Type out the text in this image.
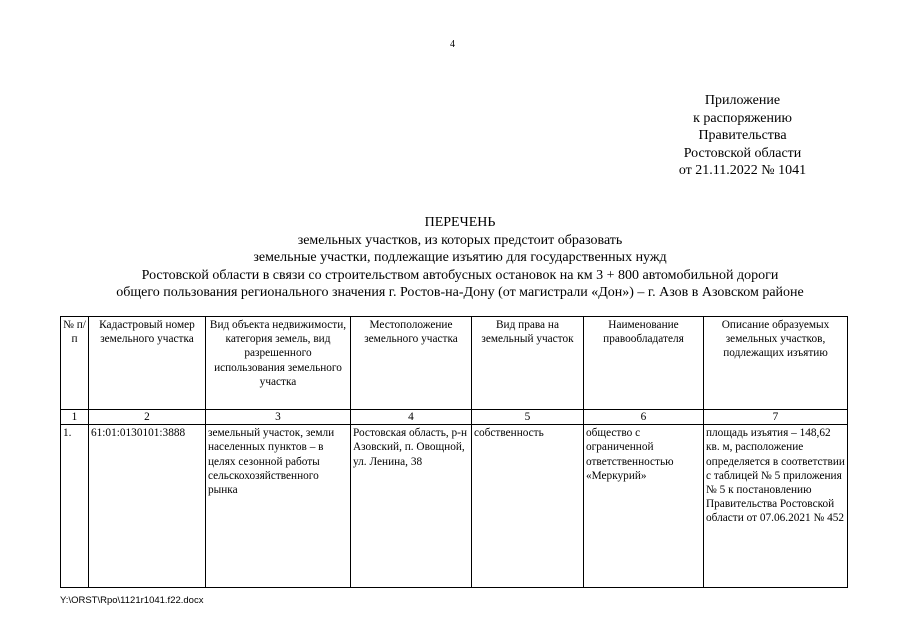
4
Приложение
к распоряжению
Правительства
Ростовской области
от 21.11.2022 № 1041
ПЕРЕЧЕНЬ
земельных участков, из которых предстоит образовать
земельные участки, подлежащие изъятию для государственных нужд
Ростовской области в связи со строительством автобусных остановок на км 3 + 800 автомобильной дороги
общего пользования регионального значения г. Ростов-на-Дону (от магистрали «Дон») – г. Азов в Азовском районе
№ п/п	Кадастровый номер земельного участка	Вид объекта недвижимости, категория земель, вид разрешенного использования земельного участка	Местоположение земельного участка	Вид права на земельный участок	Наименование правообладателя	Описание образуемых земельных участков, подлежащих изъятию
1	2	3	4	5	6	7
1.	61:01:0130101:3888	земельный участок, земли населенных пунктов – в целях сезонной работы сельскохозяйственного рынка	Ростовская область, р-н Азовский, п. Овощной, ул. Ленина, 38	собственность	общество с ограниченной ответственностью «Меркурий»	площадь изъятия – 148,62 кв. м, расположение определяется в соответствии с таблицей № 5 приложения № 5 к постановлению Правительства Ростовской области от 07.06.2021 № 452
Y:\ORST\Rpo\1121r1041.f22.docx
